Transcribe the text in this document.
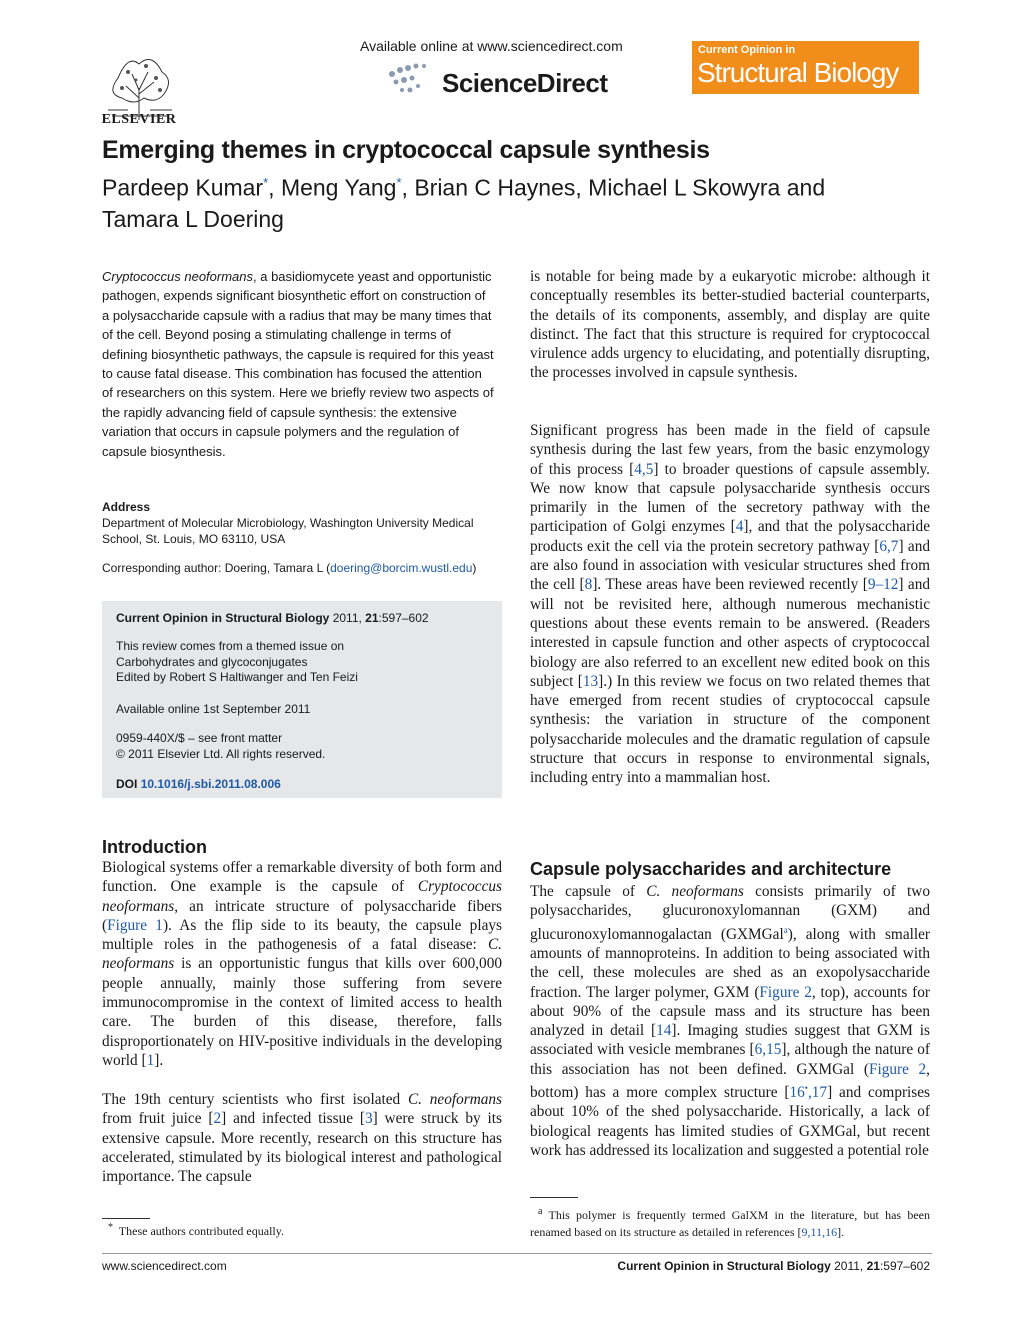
ELSEVIER
Available online at www.sciencedirect.com
ScienceDirect
Current Opinion in
Structural Biology
Emerging themes in cryptococcal capsule synthesis
Pardeep Kumar*, Meng Yang*, Brian C Haynes, Michael L Skowyra and
Tamara L Doering
Cryptococcus neoformans, a basidiomycete yeast and opportunistic pathogen, expends significant biosynthetic effort on construction of a polysaccharide capsule with a radius that may be many times that of the cell. Beyond posing a stimulating challenge in terms of defining biosynthetic pathways, the capsule is required for this yeast to cause fatal disease. This combination has focused the attention of researchers on this system. Here we briefly review two aspects of the rapidly advancing field of capsule synthesis: the extensive variation that occurs in capsule polymers and the regulation of capsule biosynthesis.
Address
Department of Molecular Microbiology, Washington University Medical
School, St. Louis, MO 63110, USA
Corresponding author: Doering, Tamara L (doering@borcim.wustl.edu)
Current Opinion in Structural Biology 2011, 21:597–602
This review comes from a themed issue on
Carbohydrates and glycoconjugates
Edited by Robert S Haltiwanger and Ten Feizi
Available online 1st September 2011
0959-440X/$ – see front matter
© 2011 Elsevier Ltd. All rights reserved.
DOI 10.1016/j.sbi.2011.08.006
Introduction
Biological systems offer a remarkable diversity of both form and function. One example is the capsule of Cryptococcus neoformans, an intricate structure of polysaccharide fibers (Figure 1). As the flip side to its beauty, the capsule plays multiple roles in the pathogenesis of a fatal disease: C. neoformans is an opportunistic fungus that kills over 600,000 people annually, mainly those suffering from severe immunocompromise in the context of limited access to health care. The burden of this disease, therefore, falls disproportionately on HIV-positive individuals in the developing world [1].
The 19th century scientists who first isolated C. neoformans from fruit juice [2] and infected tissue [3] were struck by its extensive capsule. More recently, research on this structure has accelerated, stimulated by its biological interest and pathological importance. The capsule
is notable for being made by a eukaryotic microbe: although it conceptually resembles its better-studied bacterial counterparts, the details of its components, assembly, and display are quite distinct. The fact that this structure is required for cryptococcal virulence adds urgency to elucidating, and potentially disrupting, the processes involved in capsule synthesis.
Significant progress has been made in the field of capsule synthesis during the last few years, from the basic enzymology of this process [4,5] to broader questions of capsule assembly. We now know that capsule polysaccharide synthesis occurs primarily in the lumen of the secretory pathway with the participation of Golgi enzymes [4], and that the polysaccharide products exit the cell via the protein secretory pathway [6,7] and are also found in association with vesicular structures shed from the cell [8]. These areas have been reviewed recently [9–12] and will not be revisited here, although numerous mechanistic questions about these events remain to be answered. (Readers interested in capsule function and other aspects of cryptococcal biology are also referred to an excellent new edited book on this subject [13].) In this review we focus on two related themes that have emerged from recent studies of cryptococcal capsule synthesis: the variation in structure of the component polysaccharide molecules and the dramatic regulation of capsule structure that occurs in response to environmental signals, including entry into a mammalian host.
Capsule polysaccharides and architecture
The capsule of C. neoformans consists primarily of two polysaccharides, glucuronoxylomannan (GXM) and glucuronoxylomannogalactan (GXMGal$^a$), along with smaller amounts of mannoproteins. In addition to being associated with the cell, these molecules are shed as an exopolysaccharide fraction. The larger polymer, GXM (Figure 2, top), accounts for about 90% of the capsule mass and its structure has been analyzed in detail [14]. Imaging studies suggest that GXM is associated with vesicle membranes [6,15], although the nature of this association has not been defined. GXMGal (Figure 2, bottom) has a more complex structure [16•,17] and comprises about 10% of the shed polysaccharide. Historically, a lack of biological reagents has limited studies of GXMGal, but recent work has addressed its localization and suggested a potential role
* These authors contributed equally.
$^a$ This polymer is frequently termed GalXM in the literature, but has been renamed based on its structure as detailed in references [9,11,16].
www.sciencedirect.com	Current Opinion in Structural Biology 2011, 21:597–602
